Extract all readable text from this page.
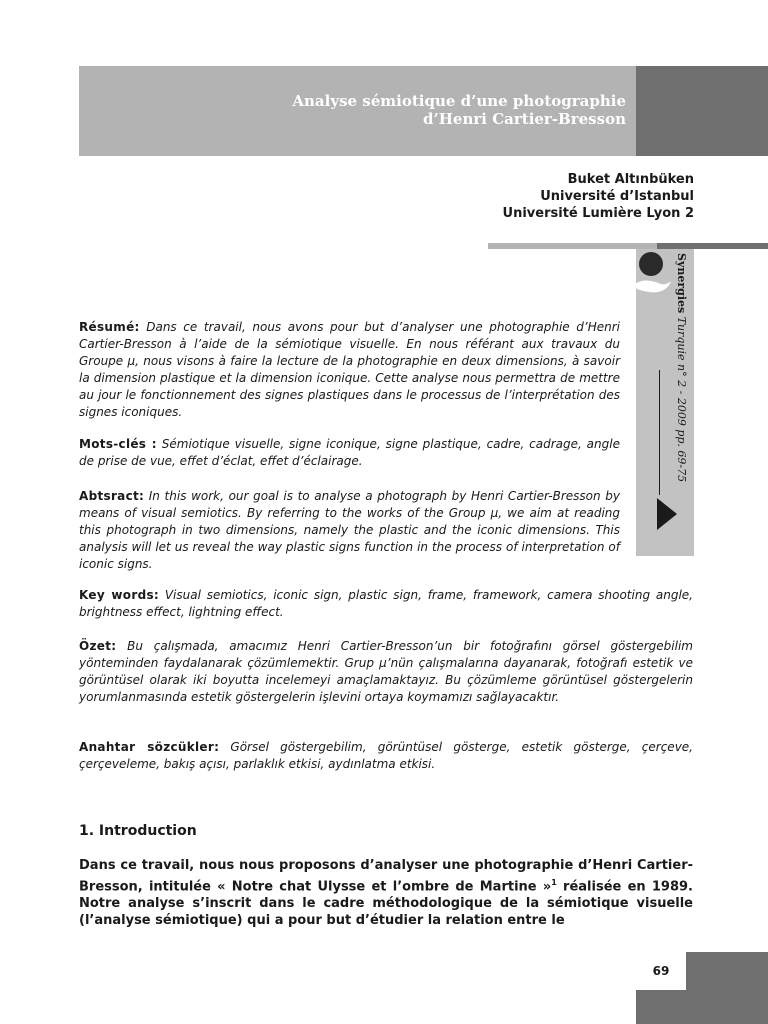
Analyse sémiotique d’une photographie
d’Henri Cartier-Bresson
Buket Altınbüken
Université d’Istanbul
Université Lumière Lyon 2
Synergies Turquie n° 2 - 2009 pp. 69-75
Résumé: Dans ce travail, nous avons pour but d’analyser une photographie d’Henri Cartier-Bresson à l’aide de la sémiotique visuelle. En nous référant aux travaux du Groupe μ, nous visons à faire la lecture de la photographie en deux dimensions, à savoir la dimension plastique et la dimension iconique. Cette analyse nous permettra de mettre au jour le fonctionnement des signes plastiques dans le processus de l’interprétation des signes iconiques.
Mots-clés : Sémiotique visuelle, signe iconique, signe plastique, cadre, cadrage, angle de prise de vue, effet d’éclat, effet d’éclairage.
Abtsract: In this work, our goal is to analyse a photograph by Henri Cartier-Bresson by means of visual semiotics. By referring to the works of the Group μ, we aim at reading this photograph in two dimensions, namely the plastic and the iconic dimensions. This analysis will let us reveal the way plastic signs function in the process of interpretation of iconic signs.
Key words: Visual semiotics, iconic sign, plastic sign, frame, framework, camera shooting angle, brightness effect, lightning effect.
Özet: Bu çalışmada, amacımız Henri Cartier-Bresson’un bir fotoğrafını görsel göstergebilim yönteminden faydalanarak çözümlemektir. Grup μ’nün çalışmalarına dayanarak, fotoğrafı estetik ve görüntüsel olarak iki boyutta incelemeyi amaçlamaktayız. Bu çözümleme görüntüsel göstergelerin yorumlanmasında estetik göstergelerin işlevini ortaya koymamızı sağlayacaktır.
Anahtar sözcükler: Görsel göstergebilim, görüntüsel gösterge, estetik gösterge, çerçeve, çerçeveleme, bakış açısı, parlaklık etkisi, aydınlatma etkisi.
1. Introduction
Dans ce travail, nous nous proposons d’analyser une photographie d’Henri Cartier-Bresson, intitulée « Notre chat Ulysse et l’ombre de Martine »$^1$ réalisée en 1989. Notre analyse s’inscrit dans le cadre méthodologique de la sémiotique visuelle (l’analyse sémiotique) qui a pour but d’étudier la relation entre le
69
